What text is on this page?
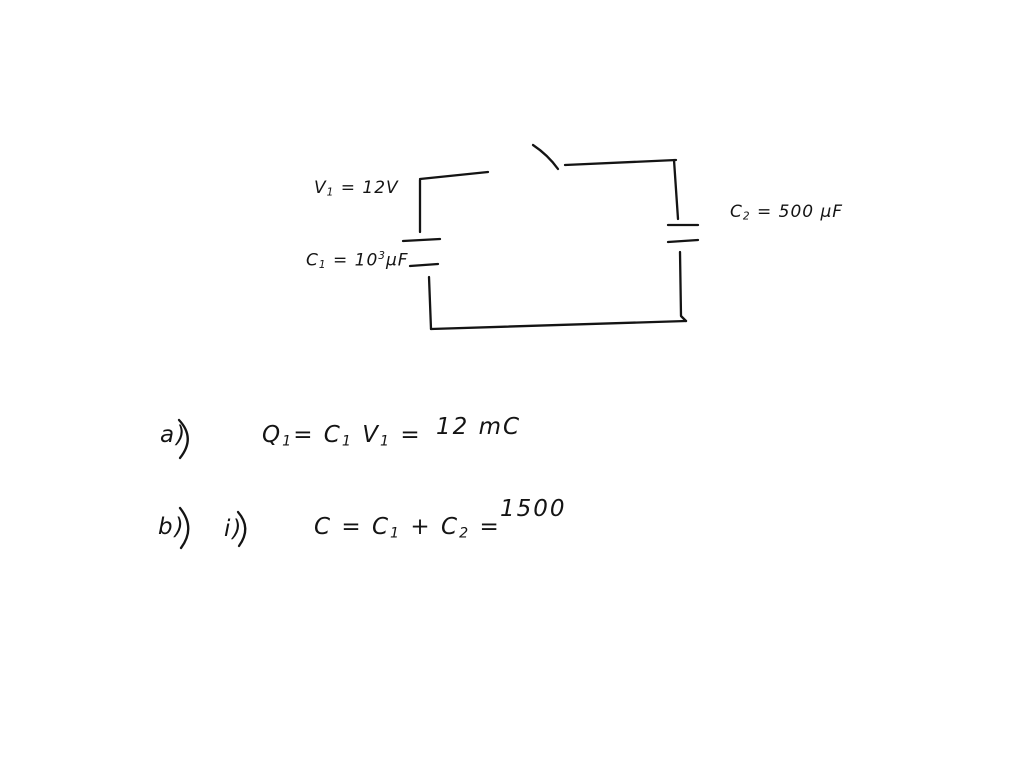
$V_1 = 12V$
$C_1 = 10^3\mu F$
$C_2 = 500$ μF
a)	$Q_1= C_1$ $V_1 = 12$ mC
b) i)	$C = C_1 + C_2$ =
1500
